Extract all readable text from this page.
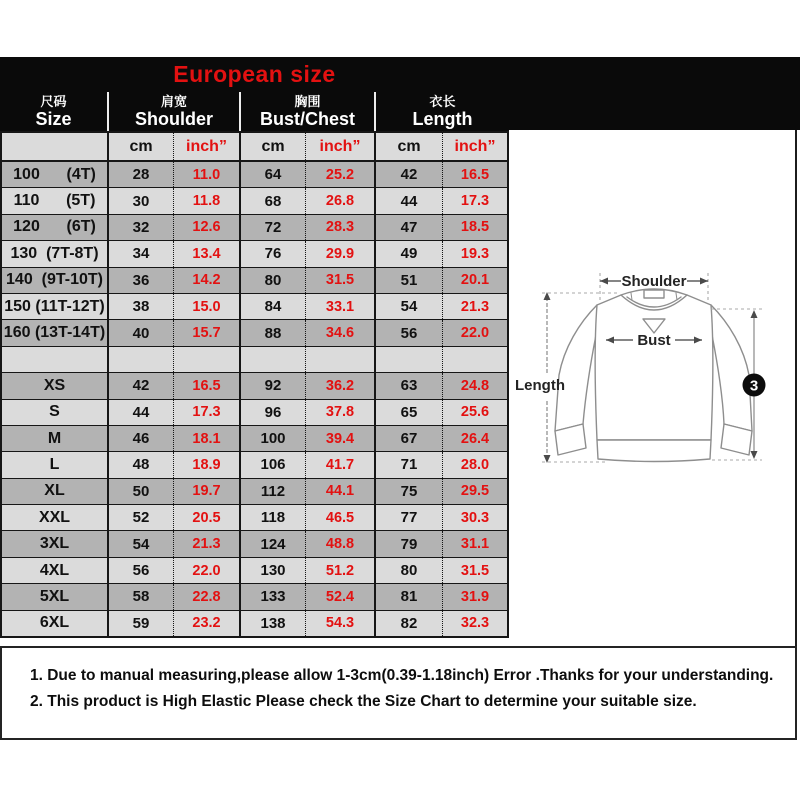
European size
尺码
Size
肩宽
Shoulder
胸围
Bust/Chest
衣长
Length
cm	inch”	cm	inch”	cm	inch”
100      (4T)	28	11.0	64	25.2	42	16.5
110      (5T)	30	11.8	68	26.8	44	17.3
120      (6T)	32	12.6	72	28.3	47	18.5
130  (7T-8T)	34	13.4	76	29.9	49	19.3
140  (9T-10T)	36	14.2	80	31.5	51	20.1
150 (11T-12T)	38	15.0	84	33.1	54	21.3
160 (13T-14T)	40	15.7	88	34.6	56	22.0
XS	42	16.5	92	36.2	63	24.8
S	44	17.3	96	37.8	65	25.6
M	46	18.1	100	39.4	67	26.4
L	48	18.9	106	41.7	71	28.0
XL	50	19.7	112	44.1	75	29.5
XXL	52	20.5	118	46.5	77	30.3
3XL	54	21.3	124	48.8	79	31.1
4XL	56	22.0	130	51.2	80	31.5
5XL	58	22.8	133	52.4	81	31.9
6XL	59	23.2	138	54.3	82	32.3
Shoulder
Bust
Length	3
1. Due to manual measuring,please allow 1-3cm(0.39-1.18inch) Error .Thanks for your understanding.
2. This product is High Elastic Please check the Size Chart to determine your suitable size.
